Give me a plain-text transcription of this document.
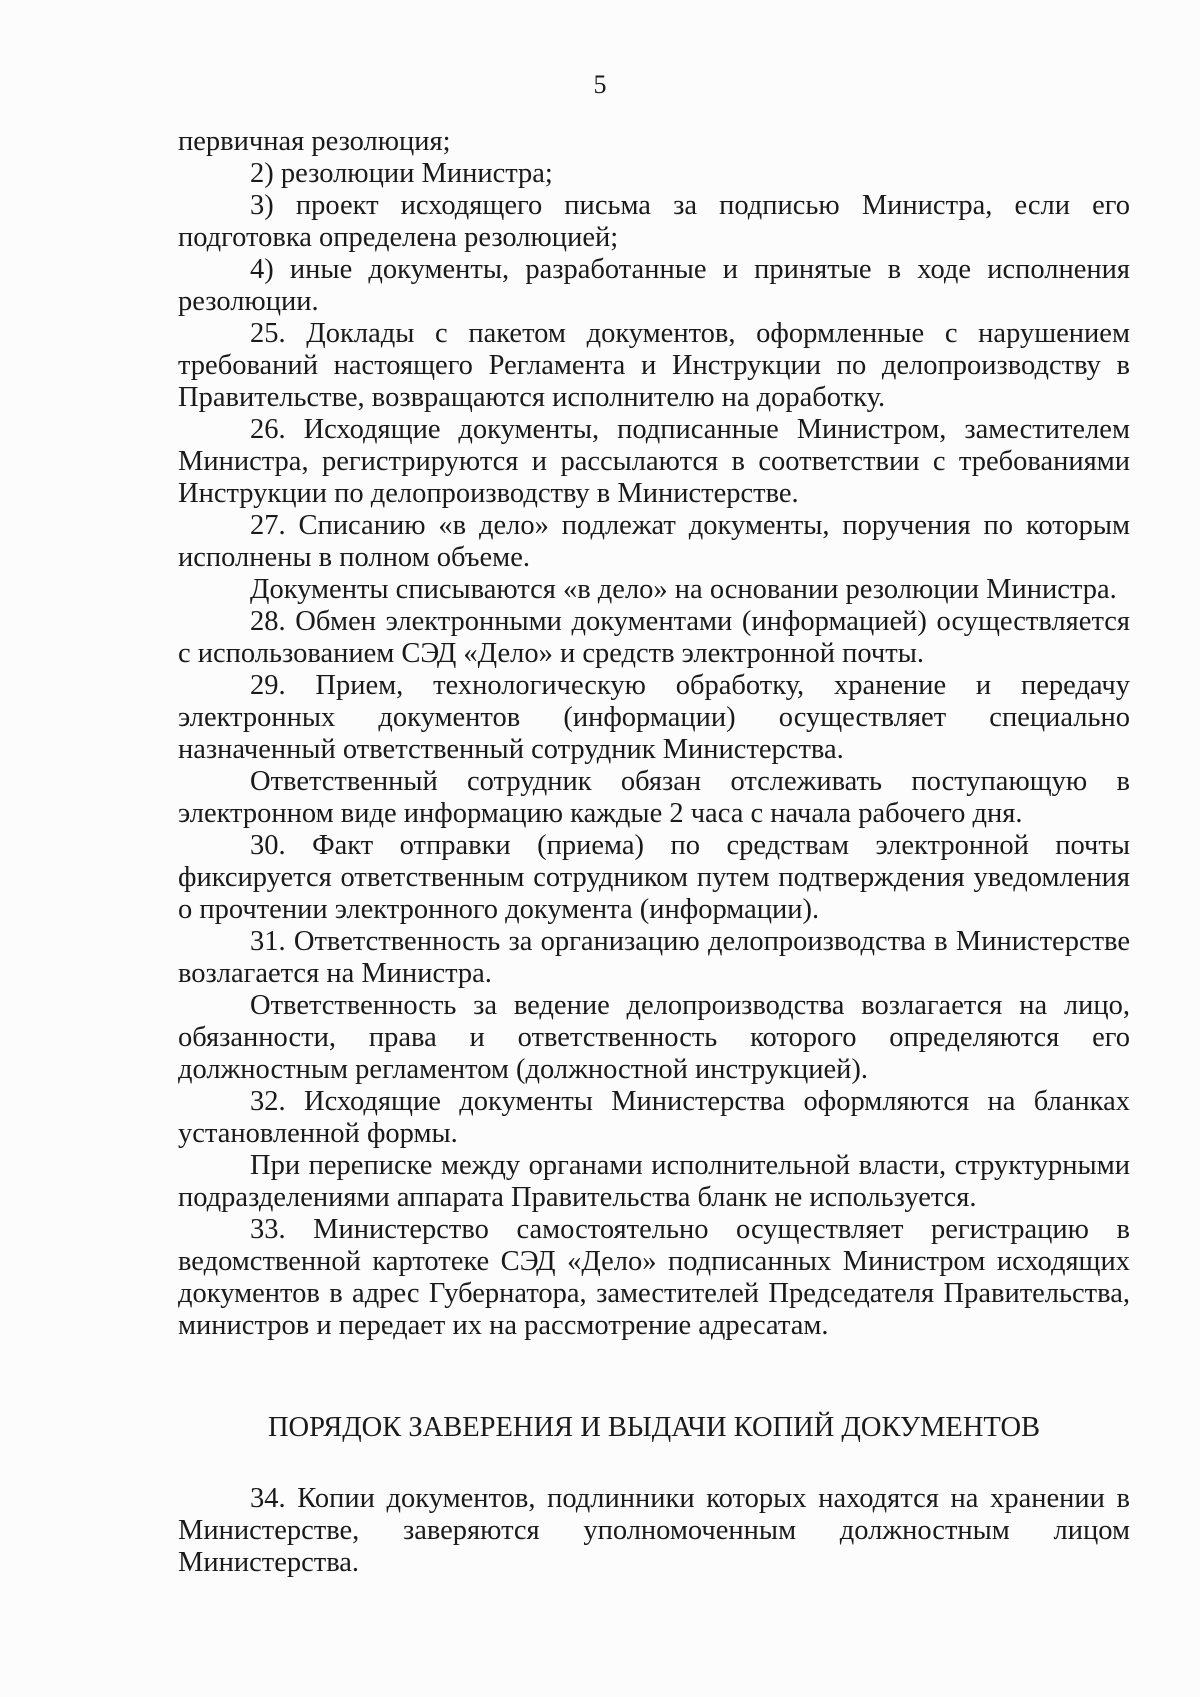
5

первичная резолюция;

2) резолюции Министра;

3) проект исходящего письма за подписью Министра, если его подготовка определена резолюцией;

4) иные документы, разработанные и принятые в ходе исполнения резолюции.

25. Доклады с пакетом документов, оформленные с нарушением требований настоящего Регламента и Инструкции по делопроизводству в Правительстве, возвращаются исполнителю на доработку.

26. Исходящие документы, подписанные Министром, заместителем Министра, регистрируются и рассылаются в соответствии с требованиями Инструкции по делопроизводству в Министерстве.

27. Списанию «в дело» подлежат документы, поручения по которым исполнены в полном объеме.

Документы списываются «в дело» на основании резолюции Министра.

28. Обмен электронными документами (информацией) осуществляется с использованием СЭД «Дело» и средств электронной почты.

29. Прием, технологическую обработку, хранение и передачу электронных документов (информации) осуществляет специально назначенный ответственный сотрудник Министерства.

Ответственный сотрудник обязан отслеживать поступающую в электронном виде информацию каждые 2 часа с начала рабочего дня.

30. Факт отправки (приема) по средствам электронной почты фиксируется ответственным сотрудником путем подтверждения уведомления о прочтении электронного документа (информации).

31. Ответственность за организацию делопроизводства в Министерстве возлагается на Министра.

Ответственность за ведение делопроизводства возлагается на лицо, обязанности, права и ответственность которого определяются его должностным регламентом (должностной инструкцией).

32. Исходящие документы Министерства оформляются на бланках установленной формы.

При переписке между органами исполнительной власти, структурными подразделениями аппарата Правительства бланк не используется.

33. Министерство самостоятельно осуществляет регистрацию в ведомственной картотеке СЭД «Дело» подписанных Министром исходящих документов в адрес Губернатора, заместителей Председателя Правительства, министров и передает их на рассмотрение адресатам.

ПОРЯДОК ЗАВЕРЕНИЯ И ВЫДАЧИ КОПИЙ ДОКУМЕНТОВ

34. Копии документов, подлинники которых находятся на хранении в Министерстве, заверяются уполномоченным должностным лицом Министерства.
